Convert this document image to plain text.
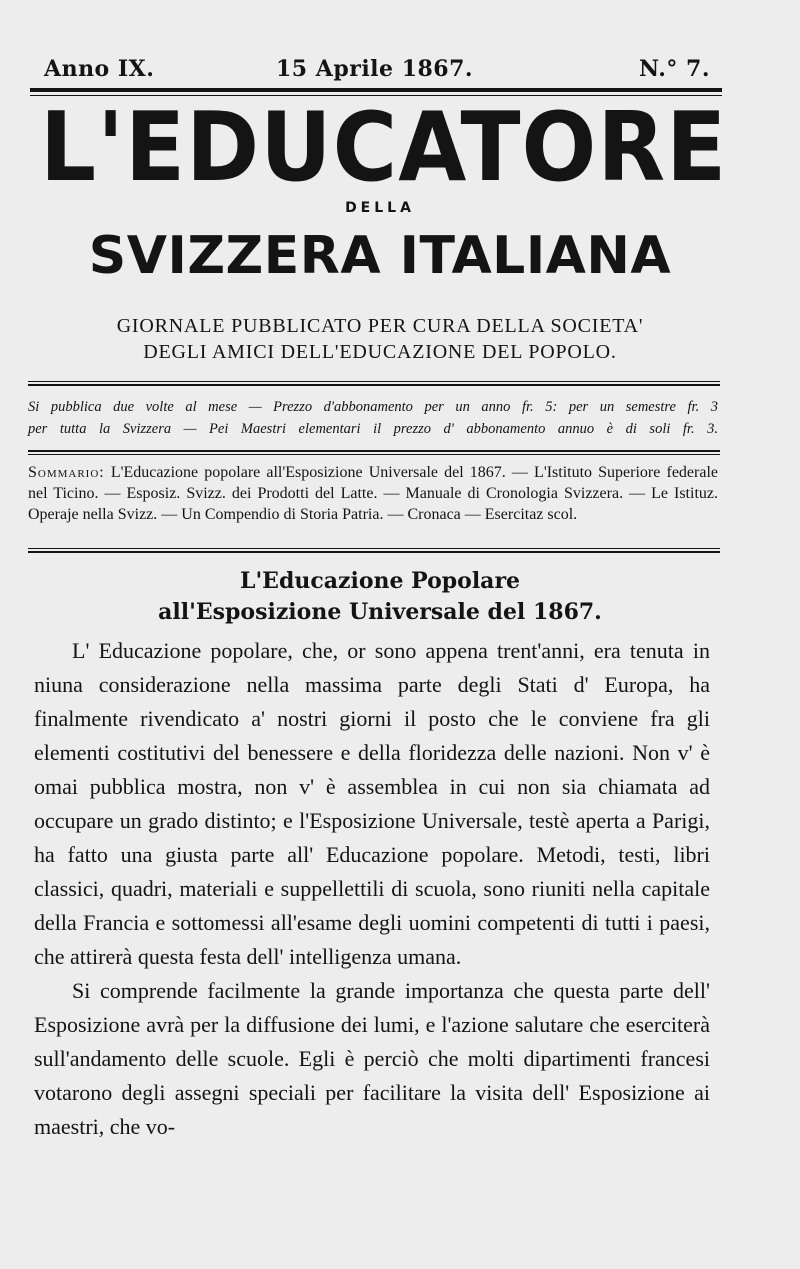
Anno IX.	15 Aprile 1867.	N.° 7.
L'EDUCATORE
DELLA
SVIZZERA ITALIANA
GIORNALE PUBBLICATO PER CURA DELLA SOCIETA'
DEGLI AMICI DELL'EDUCAZIONE DEL POPOLO.
Si pubblica due volte al mese — Prezzo d'abbonamento per un anno fr. 5: per un semestre fr. 3
per tutta la Svizzera — Pei Maestri elementari il prezzo d' abbonamento annuo è di soli fr. 3.
Sommario: L'Educazione popolare all'Esposizione Universale del 1867. — L'Istituto Superiore federale nel Ticino. — Esposiz. Svizz. dei Prodotti del Latte. — Manuale di Cronologia Svizzera. — Le Istituz. Operaje nella Svizz. — Un Compendio di Storia Patria. — Cronaca — Esercitaz scol.
L'Educazione Popolare
all'Esposizione Universale del 1867.

L' Educazione popolare, che, or sono appena trent'anni, era tenuta in niuna considerazione nella massima parte degli Stati d' Europa, ha finalmente rivendicato a' nostri giorni il posto che le conviene fra gli elementi costitutivi del benessere e della floridezza delle nazioni. Non v' è omai pubblica mostra, non v' è assemblea in cui non sia chiamata ad occupare un grado distinto; e l'Esposizione Universale, testè aperta a Parigi, ha fatto una giusta parte all' Educazione popolare. Metodi, testi, libri classici, quadri, materiali e suppellettili di scuola, sono riuniti nella capitale della Francia e sottomessi all'esame degli uomini competenti di tutti i paesi, che attirerà questa festa dell' intelligenza umana.

Si comprende facilmente la grande importanza che questa parte dell' Esposizione avrà per la diffusione dei lumi, e l'azione salutare che eserciterà sull'andamento delle scuole. Egli è perciò che molti dipartimenti francesi votarono degli assegni speciali per facilitare la visita dell' Esposizione ai maestri, che vo-
